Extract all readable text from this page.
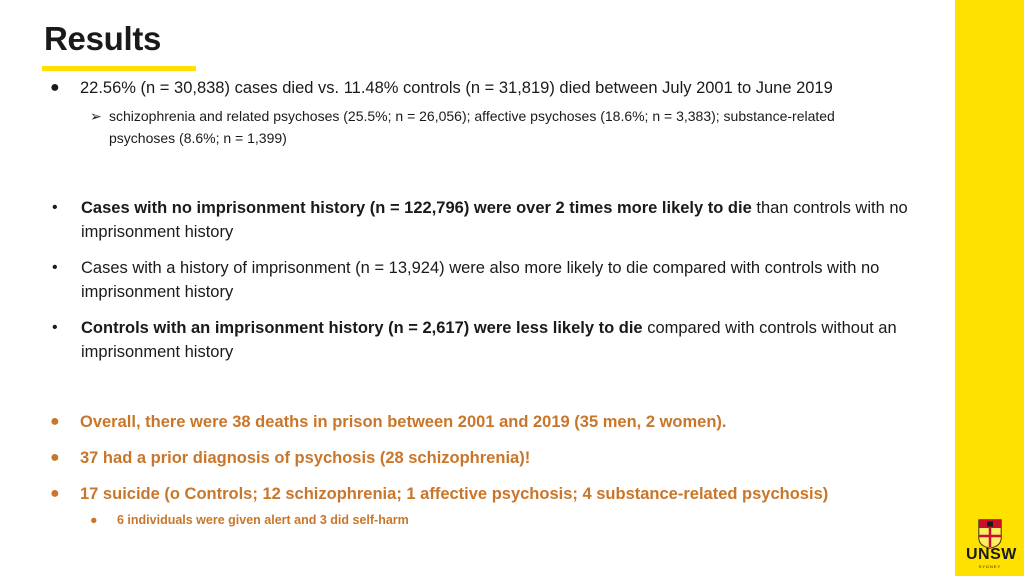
Results
● 22.56% (n = 30,838) cases died vs. 11.48% controls (n = 31,819) died between July 2001 to June 2019
➢ schizophrenia and related psychoses (25.5%; n = 26,056); affective psychoses (18.6%; n = 3,383); substance-related
psychoses (8.6%; n = 1,399)
• Cases with no imprisonment history (n = 122,796) were over 2 times more likely to die than controls with no
imprisonment history
• Cases with a history of imprisonment (n = 13,924) were also more likely to die compared with controls with no
imprisonment history
• Controls with an imprisonment history (n = 2,617) were less likely to die compared with controls without an
imprisonment history
● Overall, there were 38 deaths in prison between 2001 and 2019 (35 men, 2 women).
● 37 had a prior diagnosis of psychosis (28 schizophrenia)!
● 17 suicide (o Controls; 12 schizophrenia; 1 affective psychosis; 4 substance-related psychosis)
● 6 individuals were given alert and 3 did self-harm
UNSW
SYDNEY
